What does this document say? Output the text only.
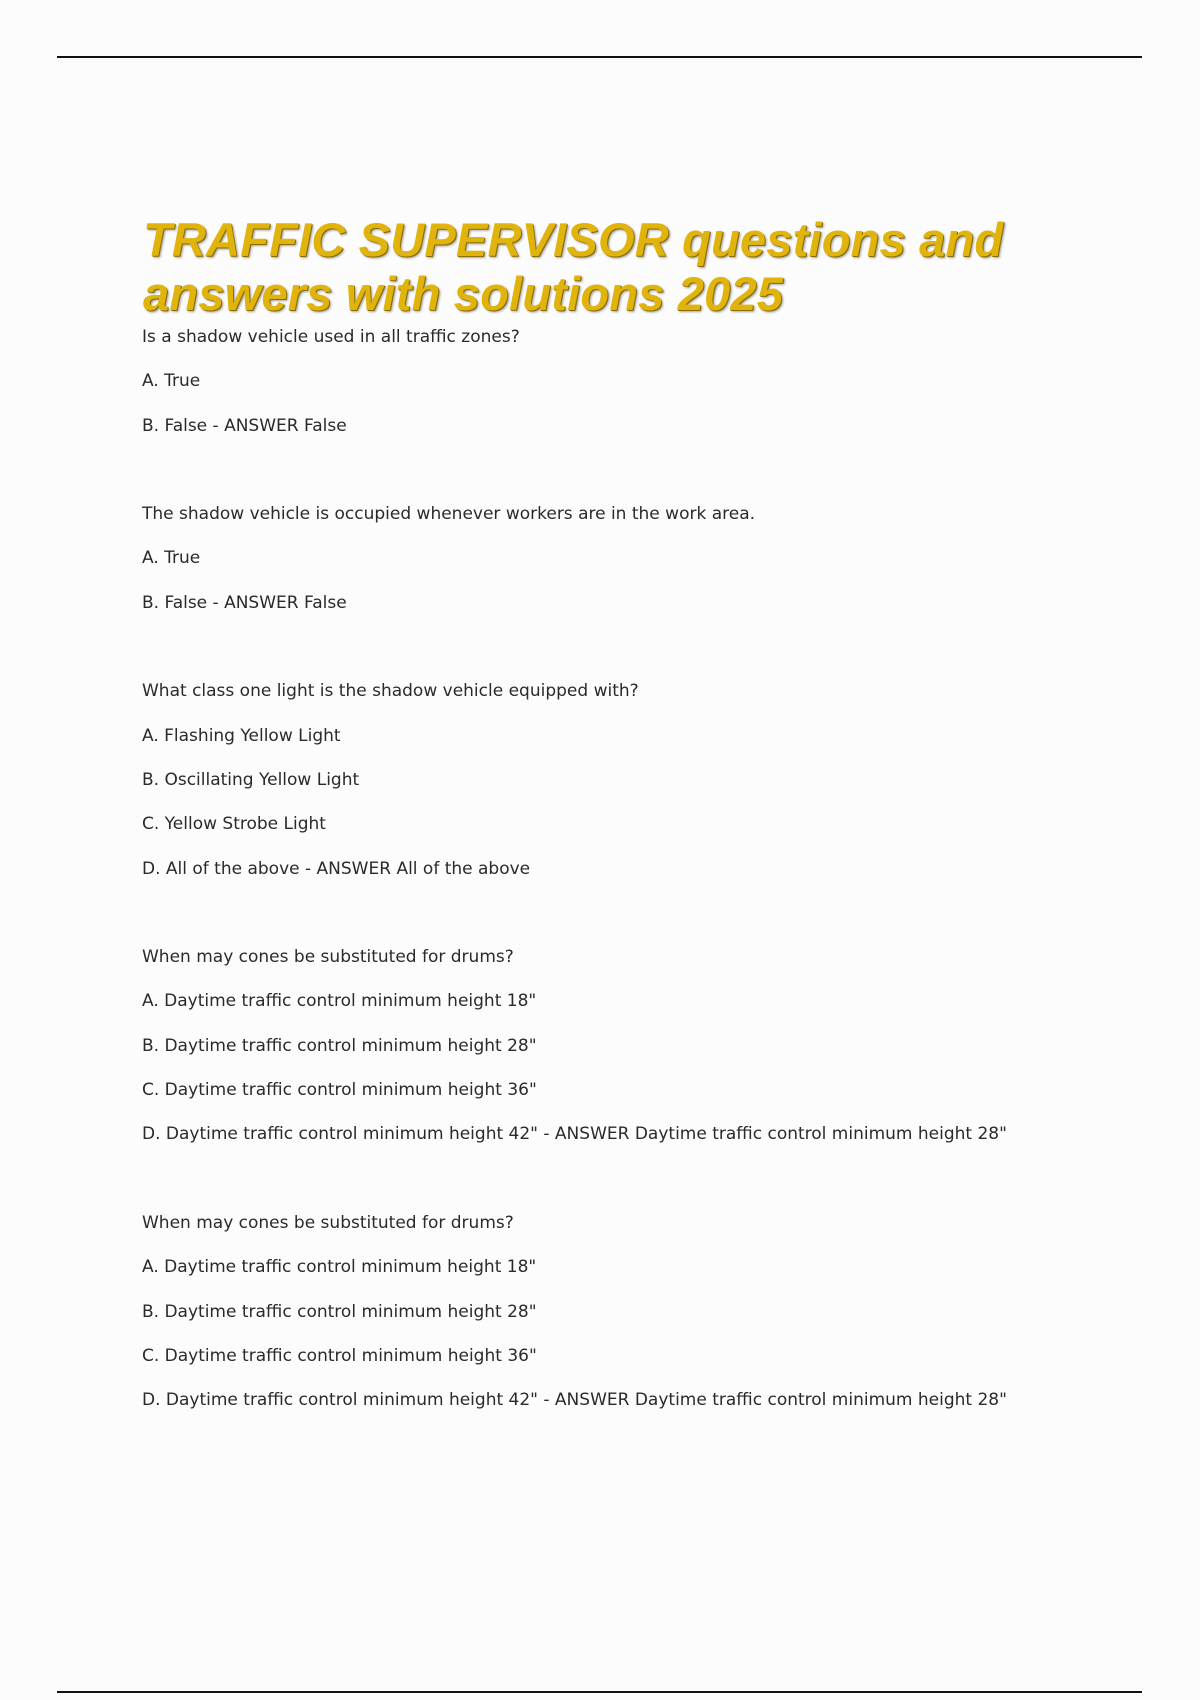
TRAFFIC SUPERVISOR questions and answers with solutions 2025
Is a shadow vehicle used in all traffic zones?
A. True
B. False - ANSWER False
The shadow vehicle is occupied whenever workers are in the work area.
A. True
B. False - ANSWER False
What class one light is the shadow vehicle equipped with?
A. Flashing Yellow Light
B. Oscillating Yellow Light
C. Yellow Strobe Light
D. All of the above - ANSWER All of the above
When may cones be substituted for drums?
A. Daytime traffic control minimum height 18"
B. Daytime traffic control minimum height 28"
C. Daytime traffic control minimum height 36"
D. Daytime traffic control minimum height 42" - ANSWER Daytime traffic control minimum height 28"
When may cones be substituted for drums?
A. Daytime traffic control minimum height 18"
B. Daytime traffic control minimum height 28"
C. Daytime traffic control minimum height 36"
D. Daytime traffic control minimum height 42" - ANSWER Daytime traffic control minimum height 28"
